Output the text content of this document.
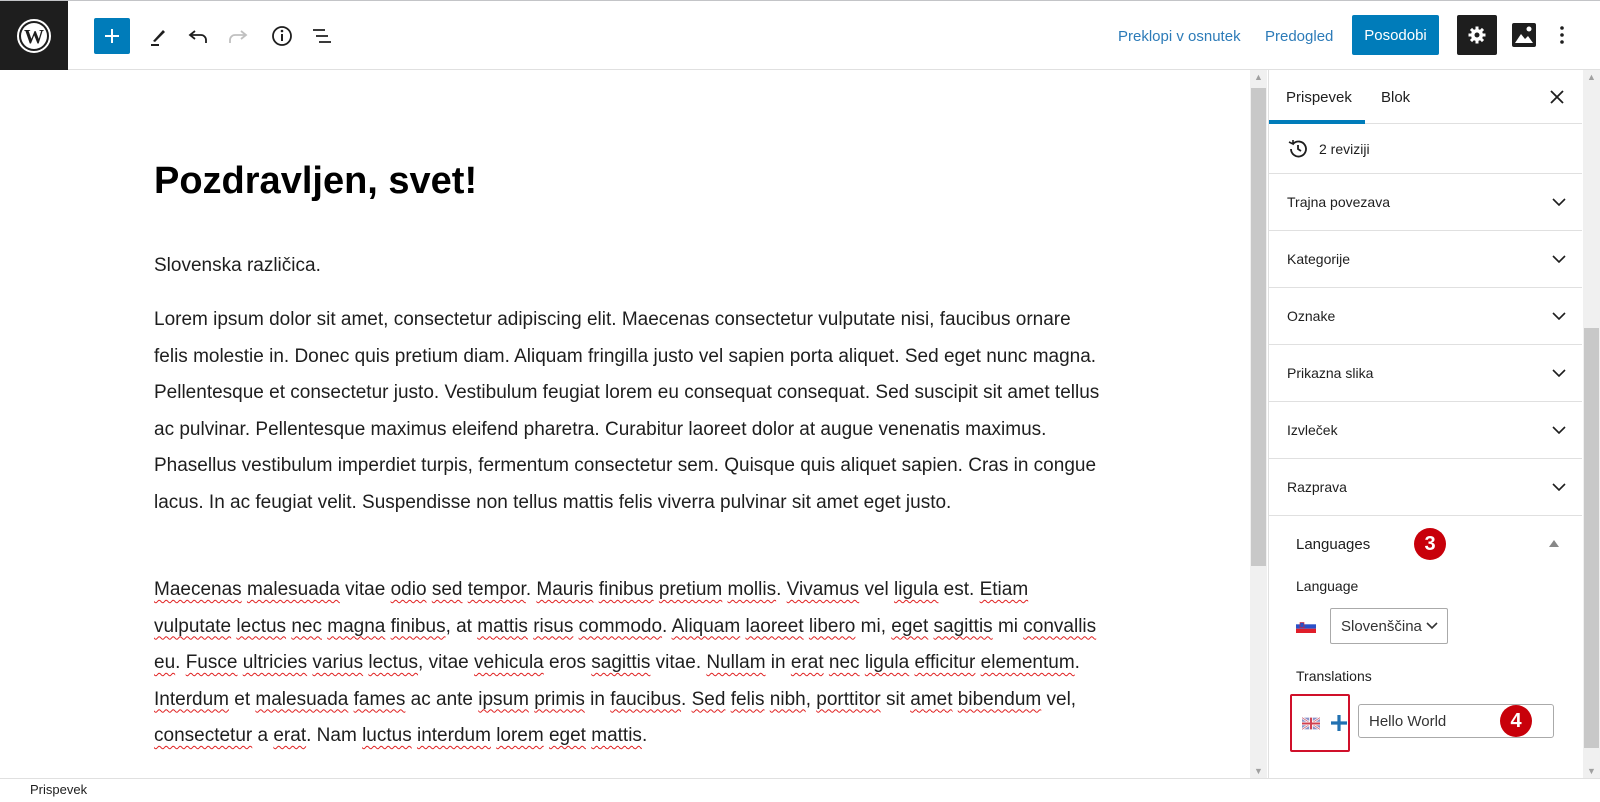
W	Preklopi v osnutek Predogled	Posodobi
Pozdravljen, svet!

Slovenska različica.

Lorem ipsum dolor sit amet, consectetur adipiscing elit. Maecenas consectetur vulputate nisi, faucibus ornare felis molestie in. Donec quis pretium diam. Aliquam fringilla justo vel sapien porta aliquet. Sed eget nunc magna. Pellentesque et consectetur justo. Vestibulum feugiat lorem eu consequat consequat. Sed suscipit sit amet tellus ac pulvinar. Pellentesque maximus eleifend pharetra. Curabitur laoreet dolor at augue venenatis maximus. Phasellus vestibulum imperdiet turpis, fermentum consectetur sem. Quisque quis aliquet sapien. Cras in congue lacus. In ac feugiat velit. Suspendisse non tellus mattis felis viverra pulvinar sit amet eget justo.

Maecenas malesuada vitae odio sed tempor. Mauris finibus pretium mollis. Vivamus vel ligula est. Etiam vulputate lectus nec magna finibus, at mattis risus commodo. Aliquam laoreet libero mi, eget sagittis mi convallis eu. Fusce ultricies varius lectus, vitae vehicula eros sagittis vitae. Nullam in erat nec ligula efficitur elementum. Interdum et malesuada fames ac ante ipsum primis in faucibus. Sed felis nibh, porttitor sit amet bibendum vel, consectetur a erat. Nam luctus interdum lorem eget mattis.

▲
▼
Prispevek	Blok
2 reviziji
Trajna povezava
Kategorije
Oznake
Prikazna slika
Izvleček
Razprava
Languages	3
Language
Slovenščina
Translations
Hello World
4
▲
▼
Prispevek
